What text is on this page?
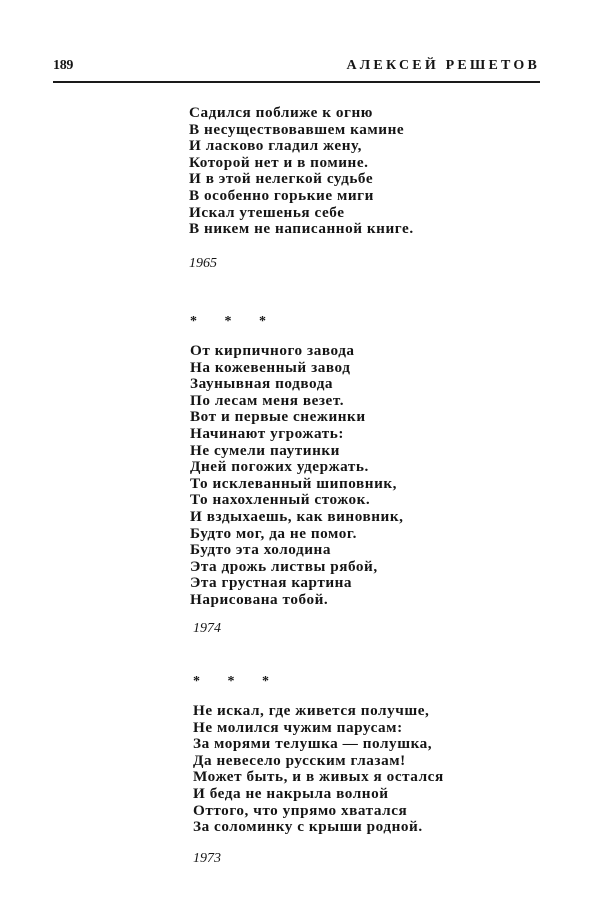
189	АЛЕКСЕЙ РЕШЕТОВ
Садился поближе к огню
В несуществовавшем камине
И ласково гладил жену,
Которой нет и в помине.
И в этой нелегкой судьбе
В особенно горькие миги
Искал утешенья себе
В никем не написанной книге.
1965
* * *
От кирпичного завода
На кожевенный завод
Заунывная подвода
По лесам меня везет.
Вот и первые снежинки
Начинают угрожать:
Не сумели паутинки
Дней погожих удержать.
То исклеванный шиповник,
То нахохленный стожок.
И вздыхаешь, как виновник,
Будто мог, да не помог.
Будто эта холодина
Эта дрожь листвы рябой,
Эта грустная картина
Нарисована тобой.
1974
* * *
Не искал, где живется получше,
Не молился чужим парусам:
За морями телушка — полушка,
Да невесело русским глазам!
Может быть, и в живых я остался
И беда не накрыла волной
Оттого, что упрямо хватался
За соломинку с крыши родной.
1973
